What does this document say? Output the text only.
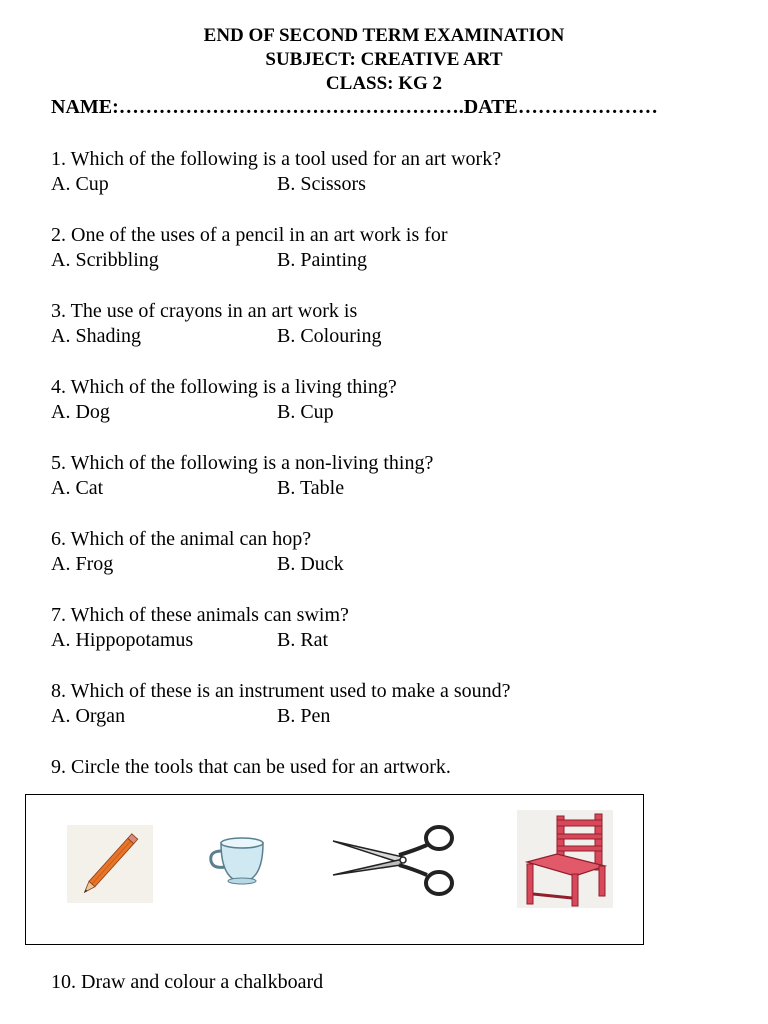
END OF SECOND TERM EXAMINATION
SUBJECT: CREATIVE ART
CLASS: KG 2
NAME:…………………………………………….DATE…………………
1. Which of the following is a tool used for an art work?
A. Cup	B. Scissors
2. One of the uses of a pencil in an art work is for
A. Scribbling	B. Painting
3. The use of crayons in an art work is
A. Shading	B. Colouring
4. Which of the following is a living thing?
A. Dog	B. Cup
5. Which of the following is a non-living thing?
A. Cat	B. Table
6. Which of the animal can hop?
A. Frog	B. Duck
7. Which of these animals can swim?
A. Hippopotamus	B. Rat
8. Which of these is an instrument used to make a sound?
A. Organ	B. Pen
9. Circle the tools that can be used for an artwork.
10. Draw and colour a chalkboard
